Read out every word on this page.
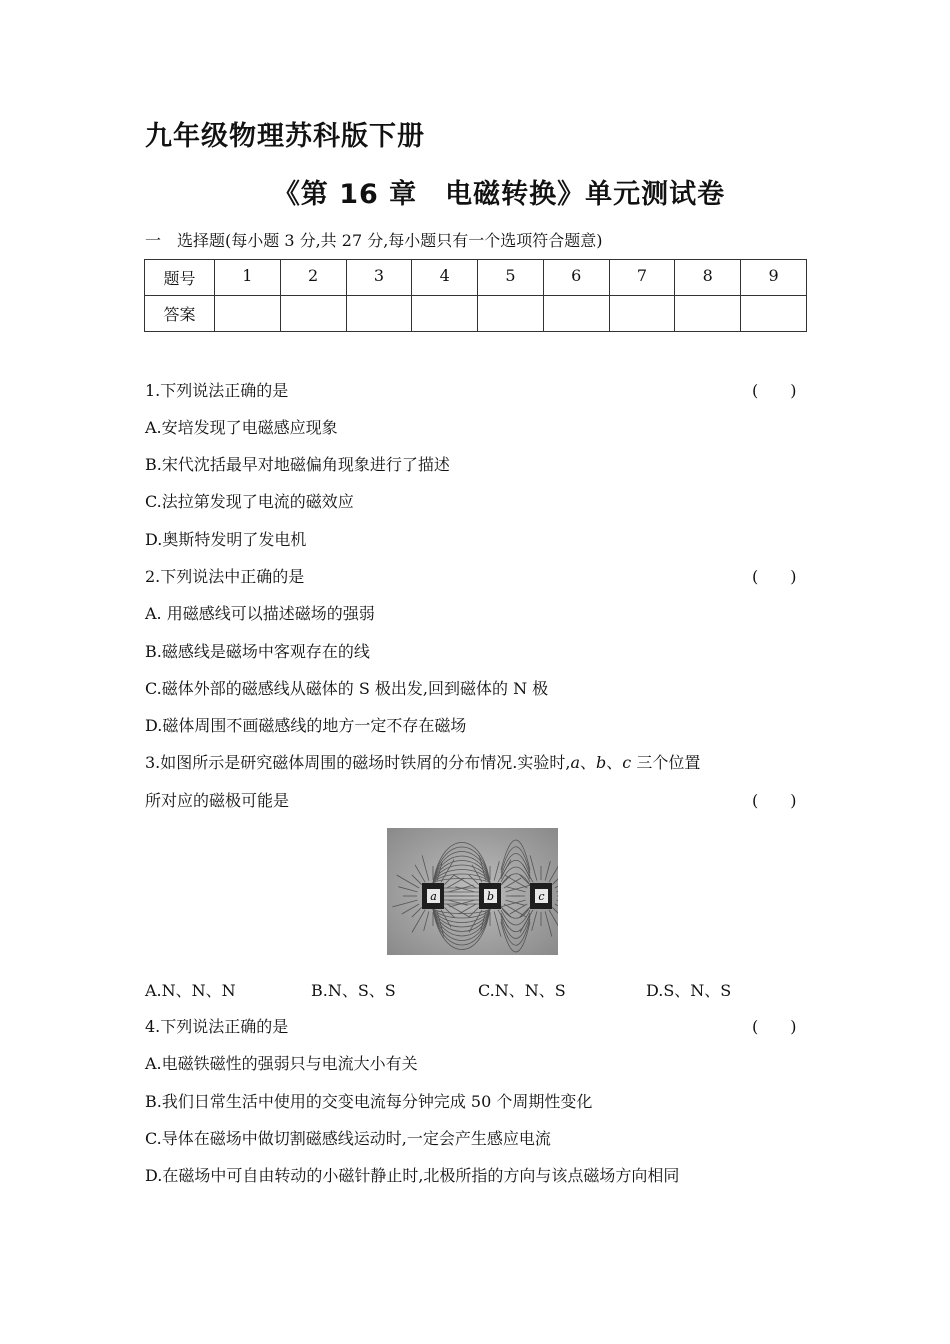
九年级物理苏科版下册
《第 16 章　电磁转换》单元测试卷
一　选择题(每小题 3 分,共 27 分,每小题只有一个选项符合题意)
题号	1	2	3	4	5	6	7	8	9
答案									
1.下列说法正确的是	(　　)
A.安培发现了电磁感应现象
B.宋代沈括最早对地磁偏角现象进行了描述
C.法拉第发现了电流的磁效应
D.奥斯特发明了发电机
2.下列说法中正确的是	(　　)
A. 用磁感线可以描述磁场的强弱
B.磁感线是磁场中客观存在的线
C.磁体外部的磁感线从磁体的 S 极出发,回到磁体的 N 极
D.磁体周围不画磁感线的地方一定不存在磁场
3.如图所示是研究磁体周围的磁场时铁屑的分布情况.实验时,a、b、c 三个位置
所对应的磁极可能是	(　　)
a	b	c
A.N、N、N	B.N、S、S	C.N、N、S	D.S、N、S
4.下列说法正确的是	(　　)
A.电磁铁磁性的强弱只与电流大小有关
B.我们日常生活中使用的交变电流每分钟完成 50 个周期性变化
C.导体在磁场中做切割磁感线运动时,一定会产生感应电流
D.在磁场中可自由转动的小磁针静止时,北极所指的方向与该点磁场方向相同
